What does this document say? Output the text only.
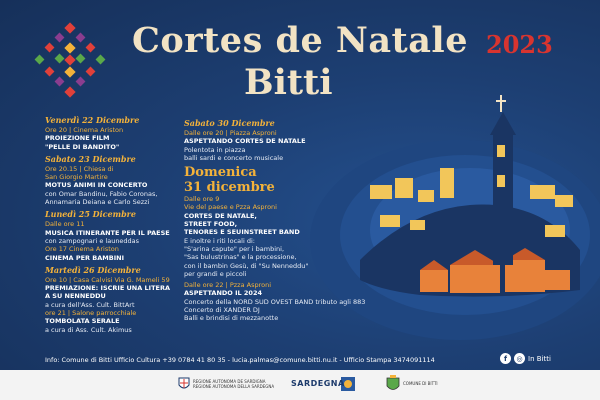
Cortes de Natale 2023
Bitti
Venerdì 22 Dicembre
Ore 20 | Cinema Ariston
PROIEZIONE FILM
"PELLE DI BANDITO"
Sabato 23 Dicembre
Ore 20.15 | Chiesa di
San Giorgio Martire
MOTUS ANIMI IN CONCERTO
con Omar Bandinu, Fabio Coronas,
Annamaria Deiana e Carlo Sezzi
Lunedì 25 Dicembre
Dalle ore 11
MUSICA ITINERANTE PER IL PAESE
con zampognari e launeddas
Ore 17 Cinema Ariston
CINEMA PER BAMBINI
Martedì 26 Dicembre
Ore 10 | Casa Calvisi Via G. Mameli 59
PREMIAZIONE: ISCRIE UNA LITERA
A SU NENNEDDU
a cura dell'Ass. Cult. BittArt
ore 21 | Salone parrocchiale
TOMBOLATA SERALE
a cura di Ass. Cult. Akimus
Sabato 30 Dicembre
Dalle ore 20 | Piazza Asproni
ASPETTANDO CORTES DE NATALE
Polentota in piazza
balli sardi e concerto musicale
Domenica
31 dicembre
Dalle ore 9
Vie del paese e Pzza Asproni
CORTES DE NATALE,
STREET FOOD,
TENORES E SEUINSTREET BAND
E inoltre i riti locali di:
"S'arina capute" per i bambini,
"Sas bulustrinas" e la processione,
con il bambin Gesù, di "Su Nenneddu"
per grandi e piccoli
Dalle ore 22 | Pzza Asproni
ASPETTANDO IL 2024
Concerto della NORD SUD OVEST BAND tributo agli 883
Concerto di XANDER DJ
Balli e brindisi di mezzanotte
Info: Comune di Bitti Ufficio Cultura +39 0784 41 80 35 - lucia.palmas@comune.bitti.nu.it - Ufficio Stampa 3474091114	f	◎ In Bitti
REGIONE AUTONOMA DE SARDIGNA
REGIONE AUTONOMA DELLA SARDEGNA
COMUNE DI BITTI
SARDEGNA
